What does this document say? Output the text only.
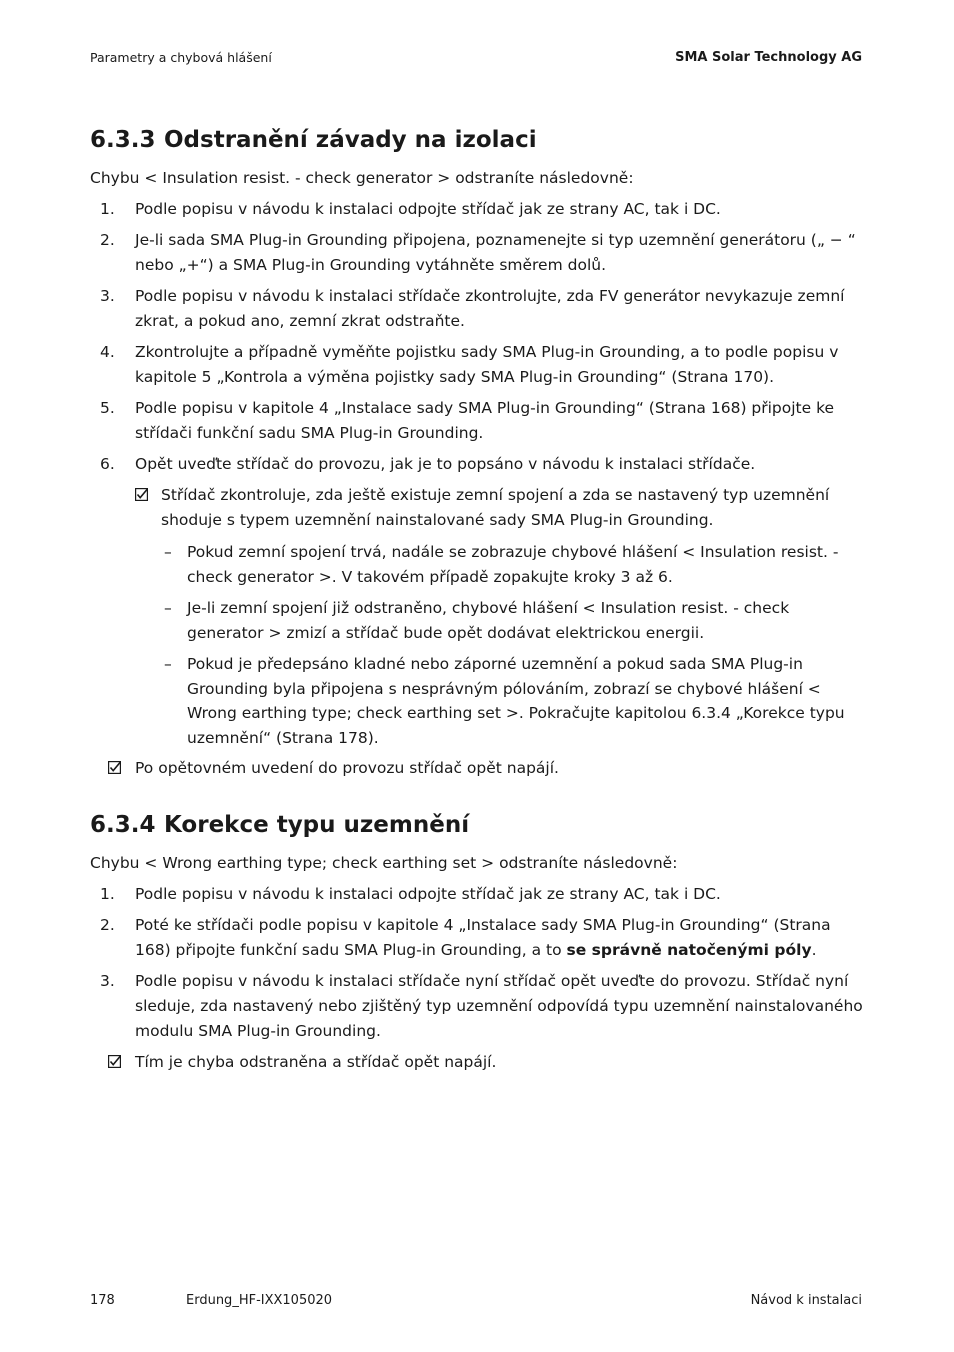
Parametry a chybová hlášení	SMA Solar Technology AG
6.3.3 Odstranění závady na izolaci
Chybu < Insulation resist. - check generator > odstraníte následovně:
1. Podle popisu v návodu k instalaci odpojte střídač jak ze strany AC, tak i DC.
2. Je-li sada SMA Plug-in Grounding připojena, poznamenejte si typ uzemnění generátoru („ − “ nebo „+“) a SMA Plug-in Grounding vytáhněte směrem dolů.
3. Podle popisu v návodu k instalaci střídače zkontrolujte, zda FV generátor nevykazuje zemní zkrat, a pokud ano, zemní zkrat odstraňte.
4. Zkontrolujte a případně vyměňte pojistku sady SMA Plug-in Grounding, a to podle popisu v kapitole 5 „Kontrola a výměna pojistky sady SMA Plug-in Grounding“ (Strana 170).
5. Podle popisu v kapitole 4 „Instalace sady SMA Plug-in Grounding“ (Strana 168) připojte ke střídači funkční sadu SMA Plug-in Grounding.
6. Opět uveďte střídač do provozu, jak je to popsáno v návodu k instalaci střídače.
Střídač zkontroluje, zda ještě existuje zemní spojení a zda se nastavený typ uzemnění shoduje s typem uzemnění nainstalované sady SMA Plug-in Grounding.
– Pokud zemní spojení trvá, nadále se zobrazuje chybové hlášení < Insulation resist. - check generator >. V takovém případě zopakujte kroky 3 až 6.
– Je-li zemní spojení již odstraněno, chybové hlášení < Insulation resist. - check generator > zmizí a střídač bude opět dodávat elektrickou energii.
– Pokud je předepsáno kladné nebo záporné uzemnění a pokud sada SMA Plug-in Grounding byla připojena s nesprávným pólováním, zobrazí se chybové hlášení < Wrong earthing type; check earthing set >. Pokračujte kapitolou 6.3.4 „Korekce typu uzemnění“ (Strana 178).
Po opětovném uvedení do provozu střídač opět napájí.
6.3.4 Korekce typu uzemnění
Chybu < Wrong earthing type; check earthing set > odstraníte následovně:
1. Podle popisu v návodu k instalaci odpojte střídač jak ze strany AC, tak i DC.
2. Poté ke střídači podle popisu v kapitole 4 „Instalace sady SMA Plug-in Grounding“ (Strana 168) připojte funkční sadu SMA Plug-in Grounding, a to se správně natočenými póly.
3. Podle popisu v návodu k instalaci střídače nyní střídač opět uveďte do provozu. Střídač nyní sleduje, zda nastavený nebo zjištěný typ uzemnění odpovídá typu uzemnění nainstalovaného modulu SMA Plug-in Grounding.
Tím je chyba odstraněna a střídač opět napájí.
178	Erdung_HF-IXX105020	Návod k instalaci
